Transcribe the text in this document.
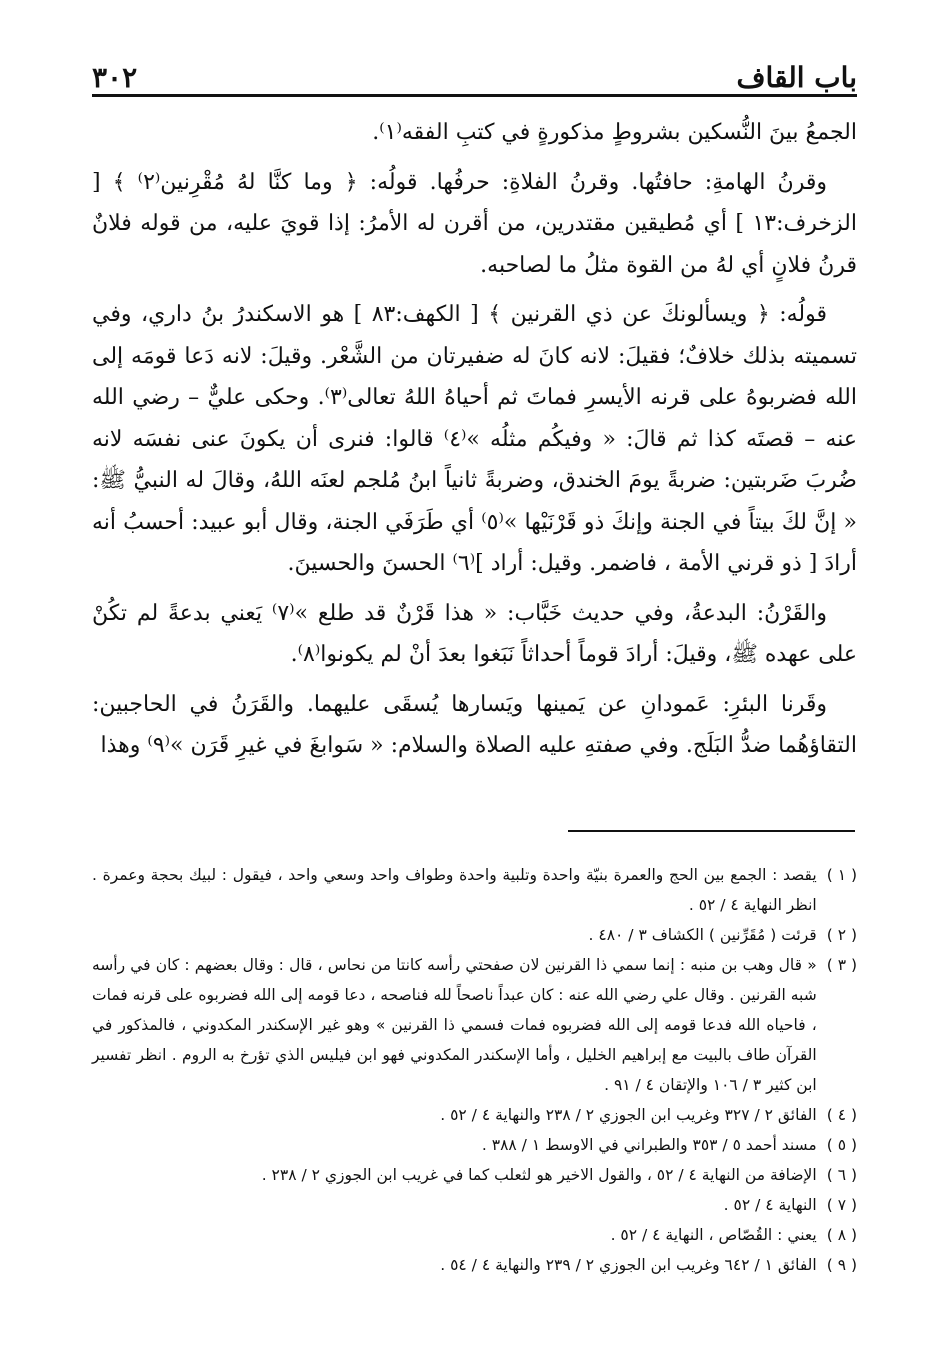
٣٠٢	باب القاف

الجمعُ بينَ النُّسكين بشروطٍ مذكورةٍ في كتبِ الفقه⁽١⁾.

وقرنُ الهامةِ: حافتُها. وقرنُ الفلاةِ: حرفُها. قولُه: ﴿ وما كنَّا لهُ مُقْرِنين⁽٢⁾ ﴾ [ الزخرف:١٣ ] أي مُطيقين مقتدرين، من أقرن له الأمرُ: إذا قويَ عليه، من قوله فلانٌ قرنُ فلانٍ أي لهُ من القوة مثلُ ما لصاحبه.

قولُه: ﴿ ويسألونكَ عن ذي القرنين ﴾ [ الكهف:٨٣ ] هو الاسكندرُ بنُ داري، وفي تسميته بذلك خلافٌ؛ فقيلَ: لانه كانَ له ضفيرتان من الشَّعْر. وقيلَ: لانه دَعا قومَه إلى الله فضربوهُ على قرنه الأيسرِ فماتَ ثم أحياهُ اللهُ تعالى⁽٣⁾. وحكى عليٌّ – رضي الله عنه – قصتَه كذا ثم قالَ: « وفيكُم مثلُه »⁽٤⁾ قالوا: فنرى أن يكونَ عنى نفسَه لانه ضُربَ ضَربتين: ضربةً يومَ الخندق، وضربةً ثانياً ابنُ مُلجم لعنَه اللهُ، وقالَ له النبيُّ ﷺ: « إنَّ لكَ بيتاً في الجنة وإنكَ ذو قَرْنَيْها »⁽٥⁾ أي طَرَفَي الجنة، وقال أبو عبيد: أحسبُ أنه أرادَ [ ذو قرني الأمة ، فاضمر. وقيل: أراد ]⁽٦⁾ الحسنَ والحسينَ.

والقَرْنُ: البدعةُ، وفي حديث خَبَّاب: « هذا قَرْنٌ قد طلع »⁽٧⁾ يَعني بدعةً لم تكُنْ على عهده ﷺ، وقيلَ: أرادَ قوماً أحداثاً نَبَغوا بعدَ أنْ لم يكونوا⁽٨⁾.

وقَرنا البئرِ: عَمودانِ عن يَمينها ويَسارها يُسقَى عليهما. والقَرَنُ في الحاجبين: التقاؤهُما ضدُّ البَلَج. وفي صفتهِ عليه الصلاة والسلام: « سَوابغَ في غيرِ قَرَن »⁽٩⁾ وهذا

( ١ )
يقصد : الجمع بين الحج والعمرة بنيّة واحدة وتلبية واحدة وطواف واحد وسعي واحد ، فيقول : لبيك بحجة وعمرة . انظر النهاية ٤ / ٥٢ .
( ٢ )
قرئت ( مُقَرِّنين ) الكشاف ٣ / ٤٨٠ .
( ٣ )
« قال وهب بن منبه : إنما سمي ذا القرنين لان صفحتي رأسه كانتا من نحاس ، قال : وقال بعضهم : كان في رأسه شبه القرنين . وقال علي رضي الله عنه : كان عبداً ناصحاً لله فناصحه ، دعا قومه إلى الله فضربوه على قرنه فمات ، فاحياه الله فدعا قومه إلى الله فضربوه فمات فسمي ذا القرنين » وهو غير الإسكندر المكدوني ، فالمذكور في القرآن طاف بالبيت مع إبراهيم الخليل ، وأما الإسكندر المكدوني فهو ابن فيليس الذي تؤرخ به الروم . انظر تفسير ابن كثير ٣ / ١٠٦ والإتقان ٤ / ٩١ .
( ٤ )
الفائق ٢ / ٣٢٧ وغريب ابن الجوزي ٢ / ٢٣٨ والنهاية ٤ / ٥٢ .
( ٥ )
مسند أحمد ٥ / ٣٥٣ والطبراني في الاوسط ١ / ٣٨٨ .
( ٦ )
الإضافة من النهاية ٤ / ٥٢ ، والقول الاخير هو لثعلب كما في غريب ابن الجوزي ٢ / ٢٣٨ .
( ٧ )
النهاية ٤ / ٥٢ .
( ٨ )
يعني : القُصّاص ، النهاية ٤ / ٥٢ .
( ٩ )
الفائق ١ / ٦٤٢ وغريب ابن الجوزي ٢ / ٢٣٩ والنهاية ٤ / ٥٤ .
